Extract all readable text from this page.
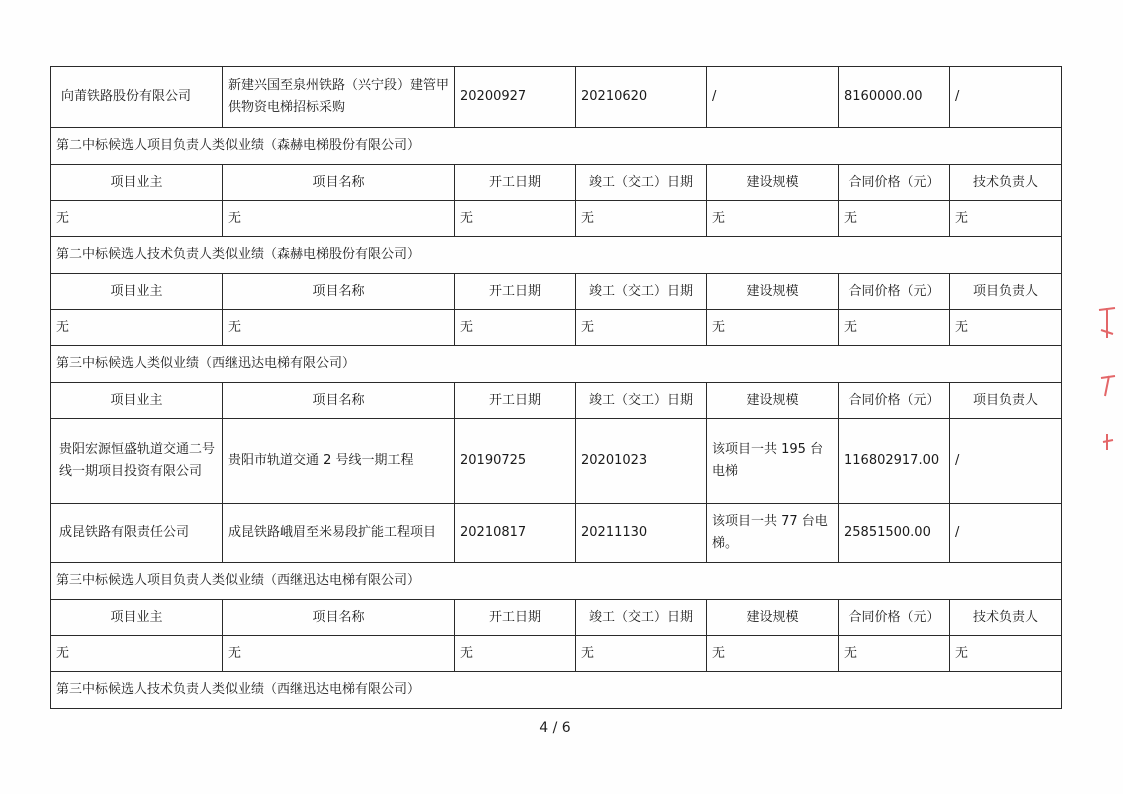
向莆铁路股份有限公司	新建兴国至泉州铁路（兴宁段）建管甲供物资电梯招标采购	20200927	20210620	/	8160000.00	/
第二中标候选人项目负责人类似业绩（森赫电梯股份有限公司）						
项目业主	项目名称	开工日期	竣工（交工）日期	建设规模	合同价格（元）	技术负责人
无	无	无	无	无	无	无
第二中标候选人技术负责人类似业绩（森赫电梯股份有限公司）						
项目业主	项目名称	开工日期	竣工（交工）日期	建设规模	合同价格（元）	项目负责人
无	无	无	无	无	无	无
第三中标候选人类似业绩（西继迅达电梯有限公司）						
项目业主	项目名称	开工日期	竣工（交工）日期	建设规模	合同价格（元）	项目负责人
贵阳宏源恒盛轨道交通二号线一期项目投资有限公司	贵阳市轨道交通 2 号线一期工程	20190725	20201023	该项目一共 195 台电梯	116802917.00	/
成昆铁路有限责任公司	成昆铁路峨眉至米易段扩能工程项目	20210817	20211130	该项目一共 77 台电梯。	25851500.00	/
第三中标候选人项目负责人类似业绩（西继迅达电梯有限公司）						
项目业主	项目名称	开工日期	竣工（交工）日期	建设规模	合同价格（元）	技术负责人
无	无	无	无	无	无	无
第三中标候选人技术负责人类似业绩（西继迅达电梯有限公司）						
4 / 6
